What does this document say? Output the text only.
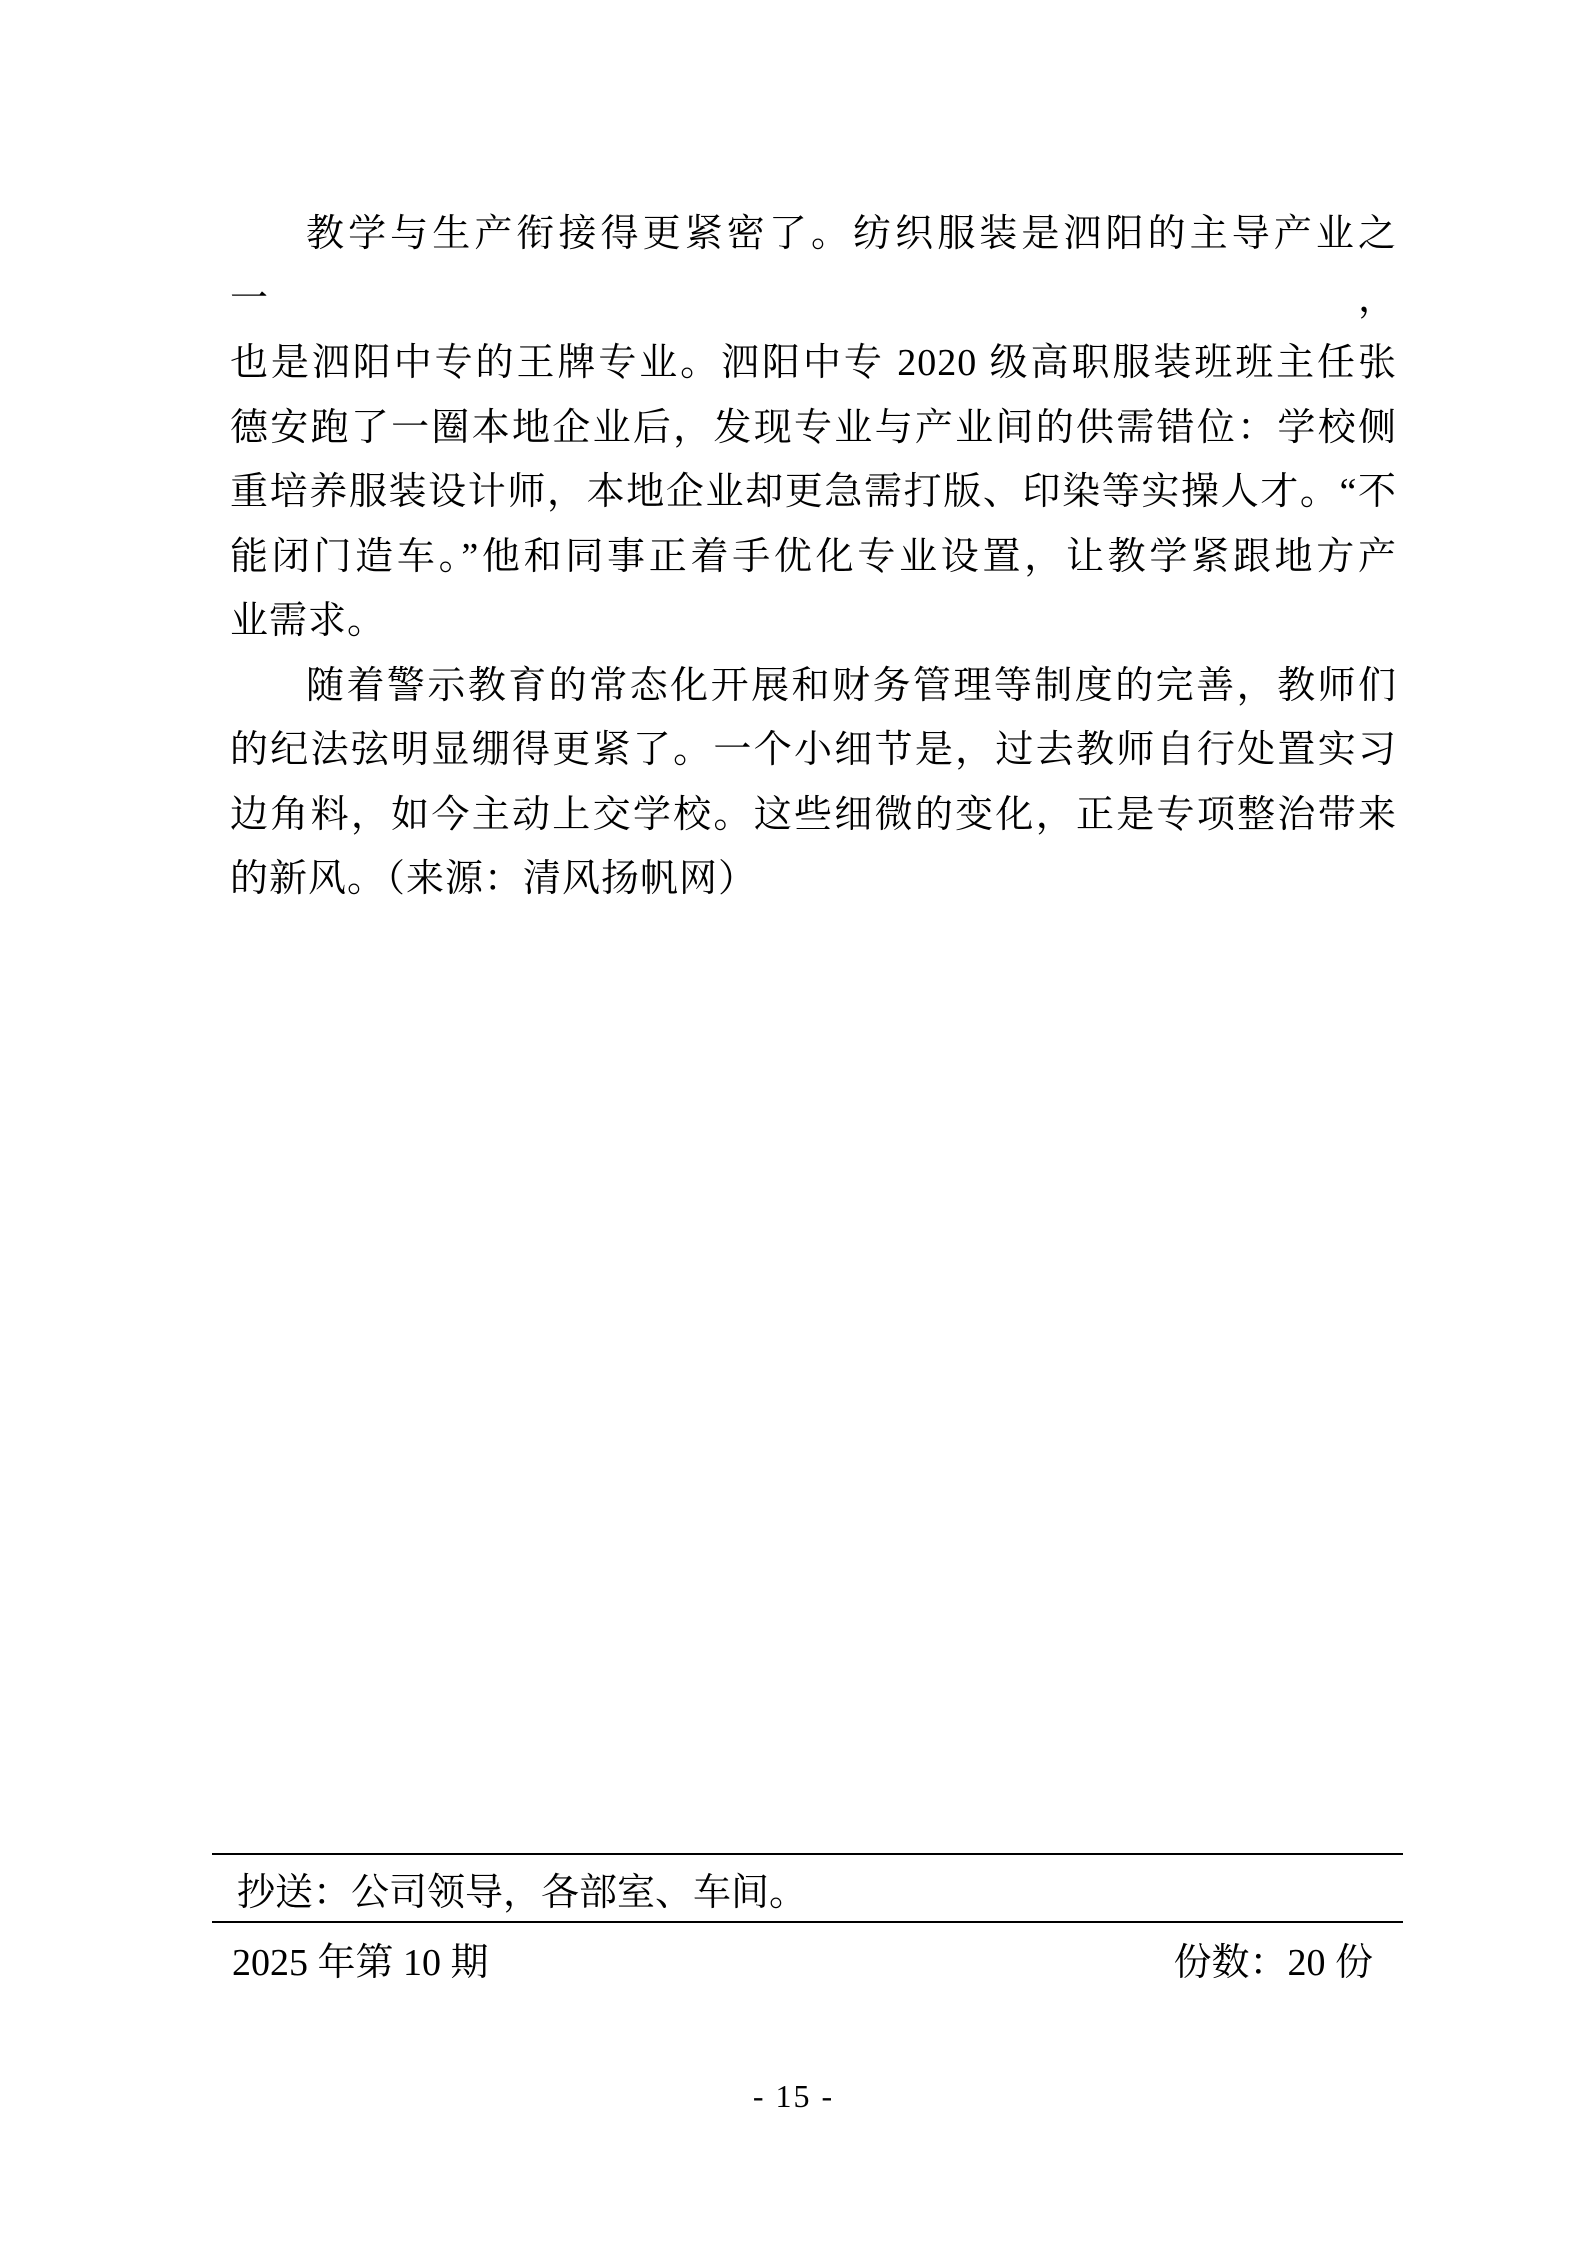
教学与生产衔接得更紧密了。纺织服装是泗阳的主导产业之一，

也是泗阳中专的王牌专业。泗阳中专 2020 级高职服装班班主任张

德安跑了一圈本地企业后，发现专业与产业间的供需错位：学校侧

重培养服装设计师，本地企业却更急需打版、印染等实操人才。“不

能闭门造车。”他和同事正着手优化专业设置，让教学紧跟地方产

业需求。

随着警示教育的常态化开展和财务管理等制度的完善，教师们

的纪法弦明显绷得更紧了。一个小细节是，过去教师自行处置实习

边角料，如今主动上交学校。这些细微的变化，正是专项整治带来

的新风。（来源：清风扬帆网）

抄送：公司领导，各部室、车间。
2025 年第 10 期	份数：20 份
- 15 -
